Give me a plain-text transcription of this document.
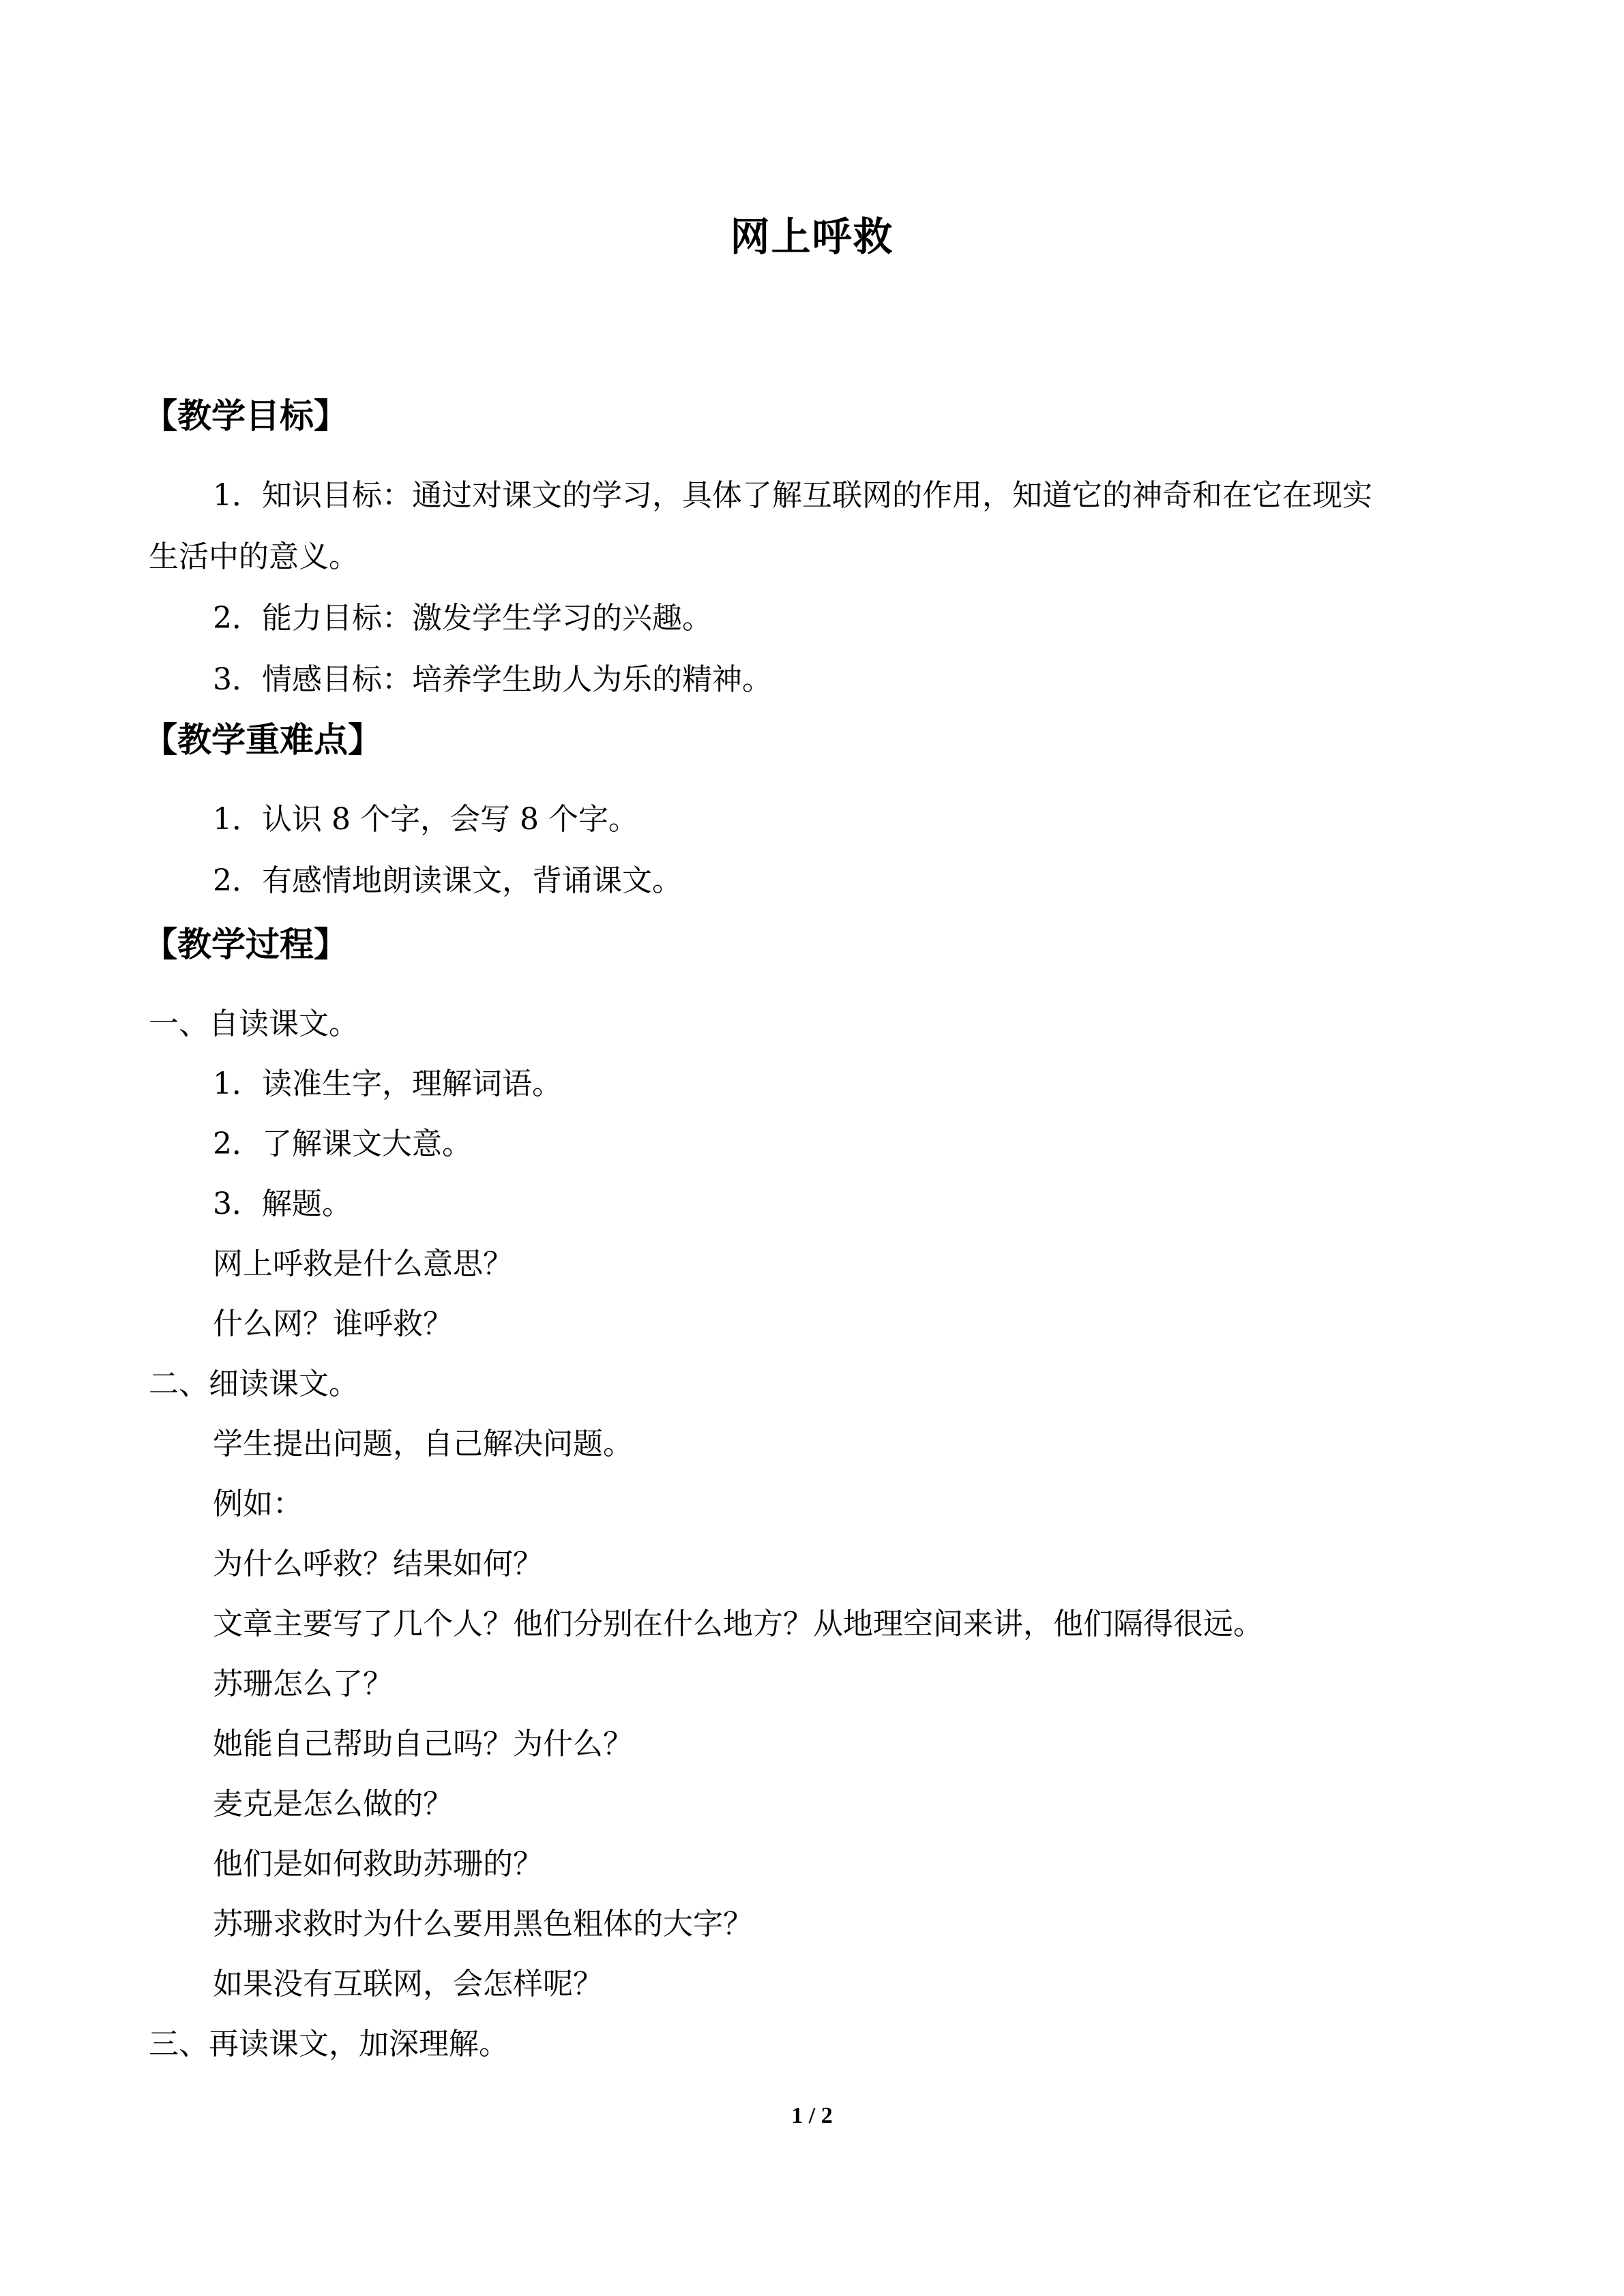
网上呼救
【教学目标】
1．知识目标：通过对课文的学习，具体了解互联网的作用，知道它的神奇和在它在现实
生活中的意义。
2．能力目标：激发学生学习的兴趣。
3．情感目标：培养学生助人为乐的精神。
【教学重难点】
1．认识 8 个字，会写 8 个字。
2．有感情地朗读课文，背诵课文。
【教学过程】
一、自读课文。
1．读准生字，理解词语。
2．了解课文大意。
3．解题。
网上呼救是什么意思？
什么网？谁呼救？
二、细读课文。
学生提出问题，自己解决问题。
例如：
为什么呼救？结果如何？
文章主要写了几个人？他们分别在什么地方？从地理空间来讲，他们隔得很远。
苏珊怎么了？
她能自己帮助自己吗？为什么？
麦克是怎么做的？
他们是如何救助苏珊的？
苏珊求救时为什么要用黑色粗体的大字？
如果没有互联网，会怎样呢？
三、再读课文，加深理解。
1 / 2
